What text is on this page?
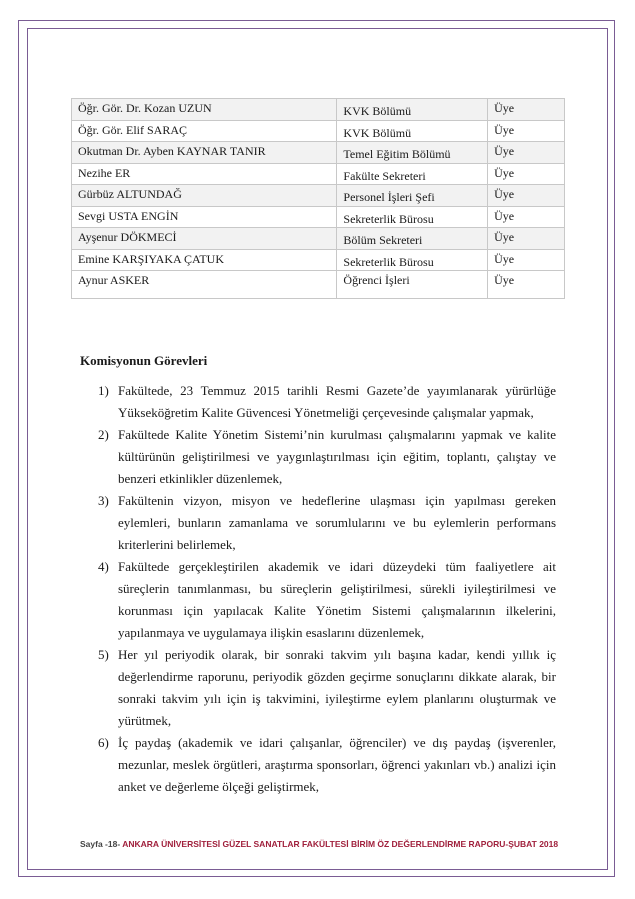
Öğr. Gör. Dr. Kozan UZUN	KVK Bölümü	Üye
Öğr. Gör. Elif SARAÇ	KVK Bölümü	Üye
Okutman Dr. Ayben KAYNAR TANIR	Temel Eğitim Bölümü	Üye
Nezihe ER	Fakülte Sekreteri	Üye
Gürbüz ALTUNDAĞ	Personel İşleri Şefi	Üye
Sevgi USTA ENGİN	Sekreterlik Bürosu	Üye
Ayşenur DÖKMECİ	Bölüm Sekreteri	Üye
Emine KARŞIYAKA ÇATUK	Sekreterlik Bürosu	Üye
Aynur ASKER	Öğrenci İşleri	Üye
Komisyonun Görevleri
1) Fakültede, 23 Temmuz 2015 tarihli Resmi Gazete’de yayımlanarak yürürlüğe Yükseköğretim Kalite Güvencesi Yönetmeliği çerçevesinde çalışmalar yapmak,
2) Fakültede Kalite Yönetim Sistemi’nin kurulması çalışmalarını yapmak ve kalite kültürünün geliştirilmesi ve yaygınlaştırılması için eğitim, toplantı, çalıştay ve benzeri etkinlikler düzenlemek,
3) Fakültenin vizyon, misyon ve hedeflerine ulaşması için yapılması gereken eylemleri, bunların zamanlama ve sorumlularını ve bu eylemlerin performans kriterlerini belirlemek,
4) Fakültede gerçekleştirilen akademik ve idari düzeydeki tüm faaliyetlere ait süreçlerin tanımlanması, bu süreçlerin geliştirilmesi, sürekli iyileştirilmesi ve korunması için yapılacak Kalite Yönetim Sistemi çalışmalarının ilkelerini, yapılanmaya ve uygulamaya ilişkin esaslarını düzenlemek,
5) Her yıl periyodik olarak, bir sonraki takvim yılı başına kadar, kendi yıllık iç değerlendirme raporunu, periyodik gözden geçirme sonuçlarını dikkate alarak, bir sonraki takvim yılı için iş takvimini, iyileştirme eylem planlarını oluşturmak ve yürütmek,
6) İç paydaş (akademik ve idari çalışanlar, öğrenciler) ve dış paydaş (işverenler, mezunlar, meslek örgütleri, araştırma sponsorları, öğrenci yakınları vb.) analizi için anket ve değerleme ölçeği geliştirmek,
Sayfa -18- ANKARA ÜNİVERSİTESİ GÜZEL SANATLAR FAKÜLTESİ BİRİM ÖZ DEĞERLENDİRME RAPORU-ŞUBAT 2018
